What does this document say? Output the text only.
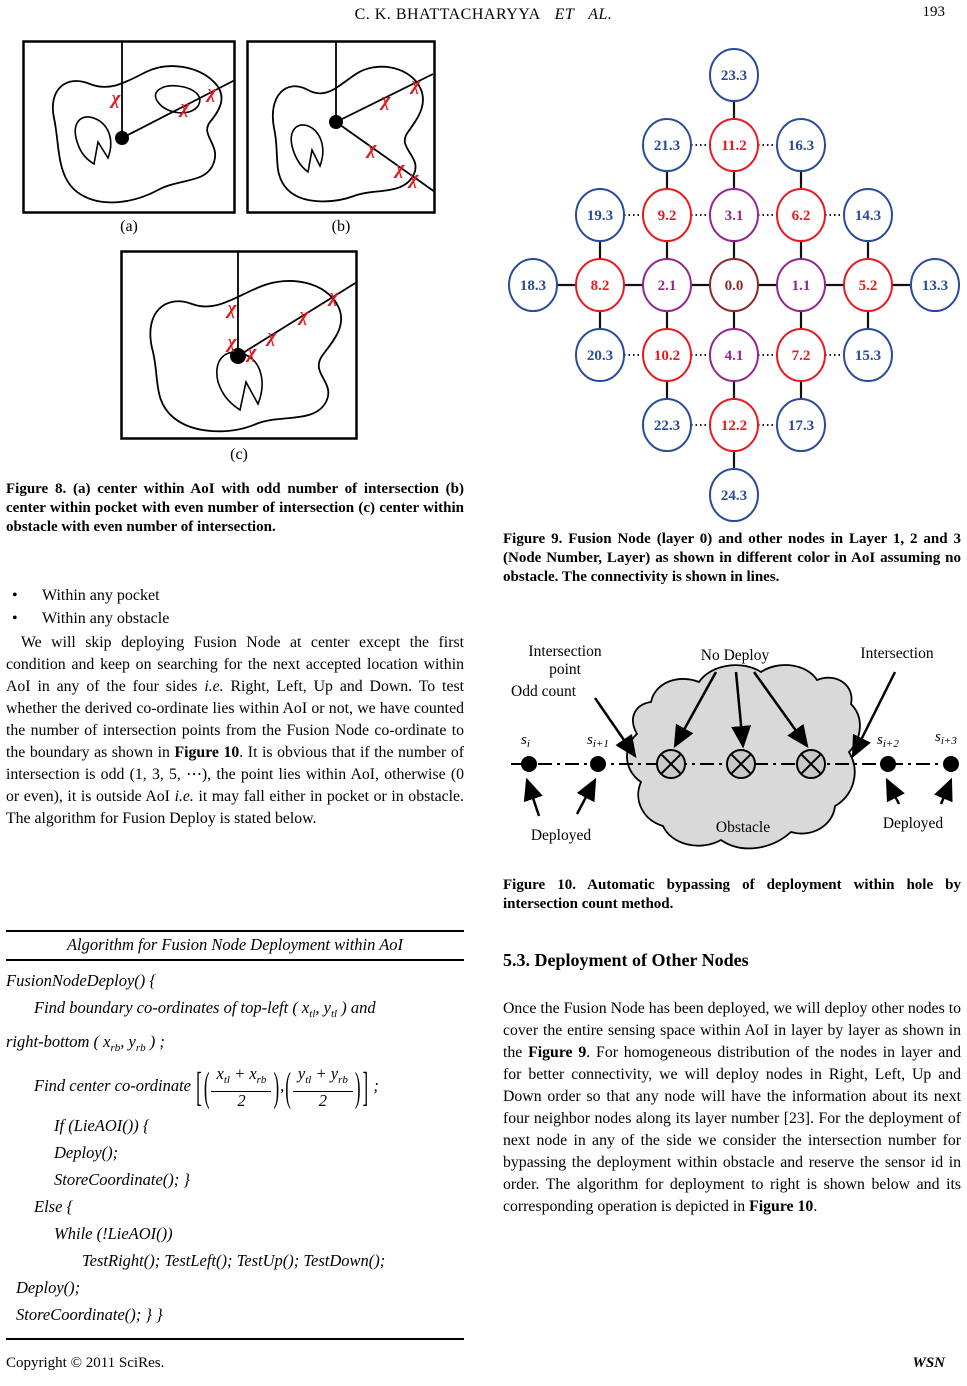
C. K. BHATTACHARYYA ET AL.	193
χ	χ
χ
(a)
χ
χ
χ
χ χ
(b)
χ
χ χ
χ
χ
χ
(c)
Figure 8. (a) center within AoI with odd number of intersection (b) center within pocket with even number of intersection (c) center within obstacle with even number of intersection.
•	Within any pocket
•	Within any obstacle
We will skip deploying Fusion Node at center except the first condition and keep on searching for the next accepted location within AoI in any of the four sides i.e. Right, Left, Up and Down. To test whether the derived co-ordinate lies within AoI or not, we have counted the number of intersection points from the Fusion Node co-ordinate to the boundary as shown in Figure 10. It is obvious that if the number of intersection is odd (1, 3, 5, ⋯), the point lies within AoI, otherwise (0 or even), it is outside AoI i.e. it may fall either in pocket or in obstacle. The algorithm for Fusion Deploy is stated below.
Algorithm for Fusion Node Deployment within AoI
FusionNodeDeploy() {
Find boundary co-ordinates of top-left ( $x_{tl}$, $y_{tl}$ ) and
right-bottom ( $x_{rb}$, $y_{rb}$ ) ;
Find center co-ordinate [ ( $\frac{x_{tl} + x_{rb}}{2}$ ),( $\frac{y_{tl} + y_{rb}}{2}$ ) ] ;
If (LieAOI()) {
Deploy();
StoreCoordinate(); }
Else {
While (!LieAOI())
TestRight(); TestLeft(); TestUp(); TestDown();
Deploy();
StoreCoordinate(); } }
23.3
21.3	11.2	16.3
19.3	9.2	3.1	6.2	14.3
18.3	8.2	2.1	0.0	1.1	5.2	13.3
20.3	10.2	4.1	7.2	15.3
22.3	12.2	17.3
24.3
Figure 9. Fusion Node (layer 0) and other nodes in Layer 1, 2 and 3 (Node Number, Layer) as shown in different color in AoI assuming no obstacle. The connectivity is shown in lines.
Intersection
point
Odd count
No Deploy	Intersection
Deployed	Obstacle	Deployed
$s_i$	$s_{i+1}$	$s_{i+2}$ $s_{i+3}$
Figure 10. Automatic bypassing of deployment within hole by intersection count method.
5.3. Deployment of Other Nodes
Once the Fusion Node has been deployed, we will deploy other nodes to cover the entire sensing space within AoI in layer by layer as shown in the Figure 9. For homogeneous distribution of the nodes in layer and for better connectivity, we will deploy nodes in Right, Left, Up and Down order so that any node will have the information about its next four neighbor nodes along its layer number [23]. For the deployment of next node in any of the side we consider the intersection number for bypassing the deployment within obstacle and reserve the sensor id in order. The algorithm for deployment to right is shown below and its corresponding operation is depicted in Figure 10.
Copyright © 2011 SciRes.	WSN
